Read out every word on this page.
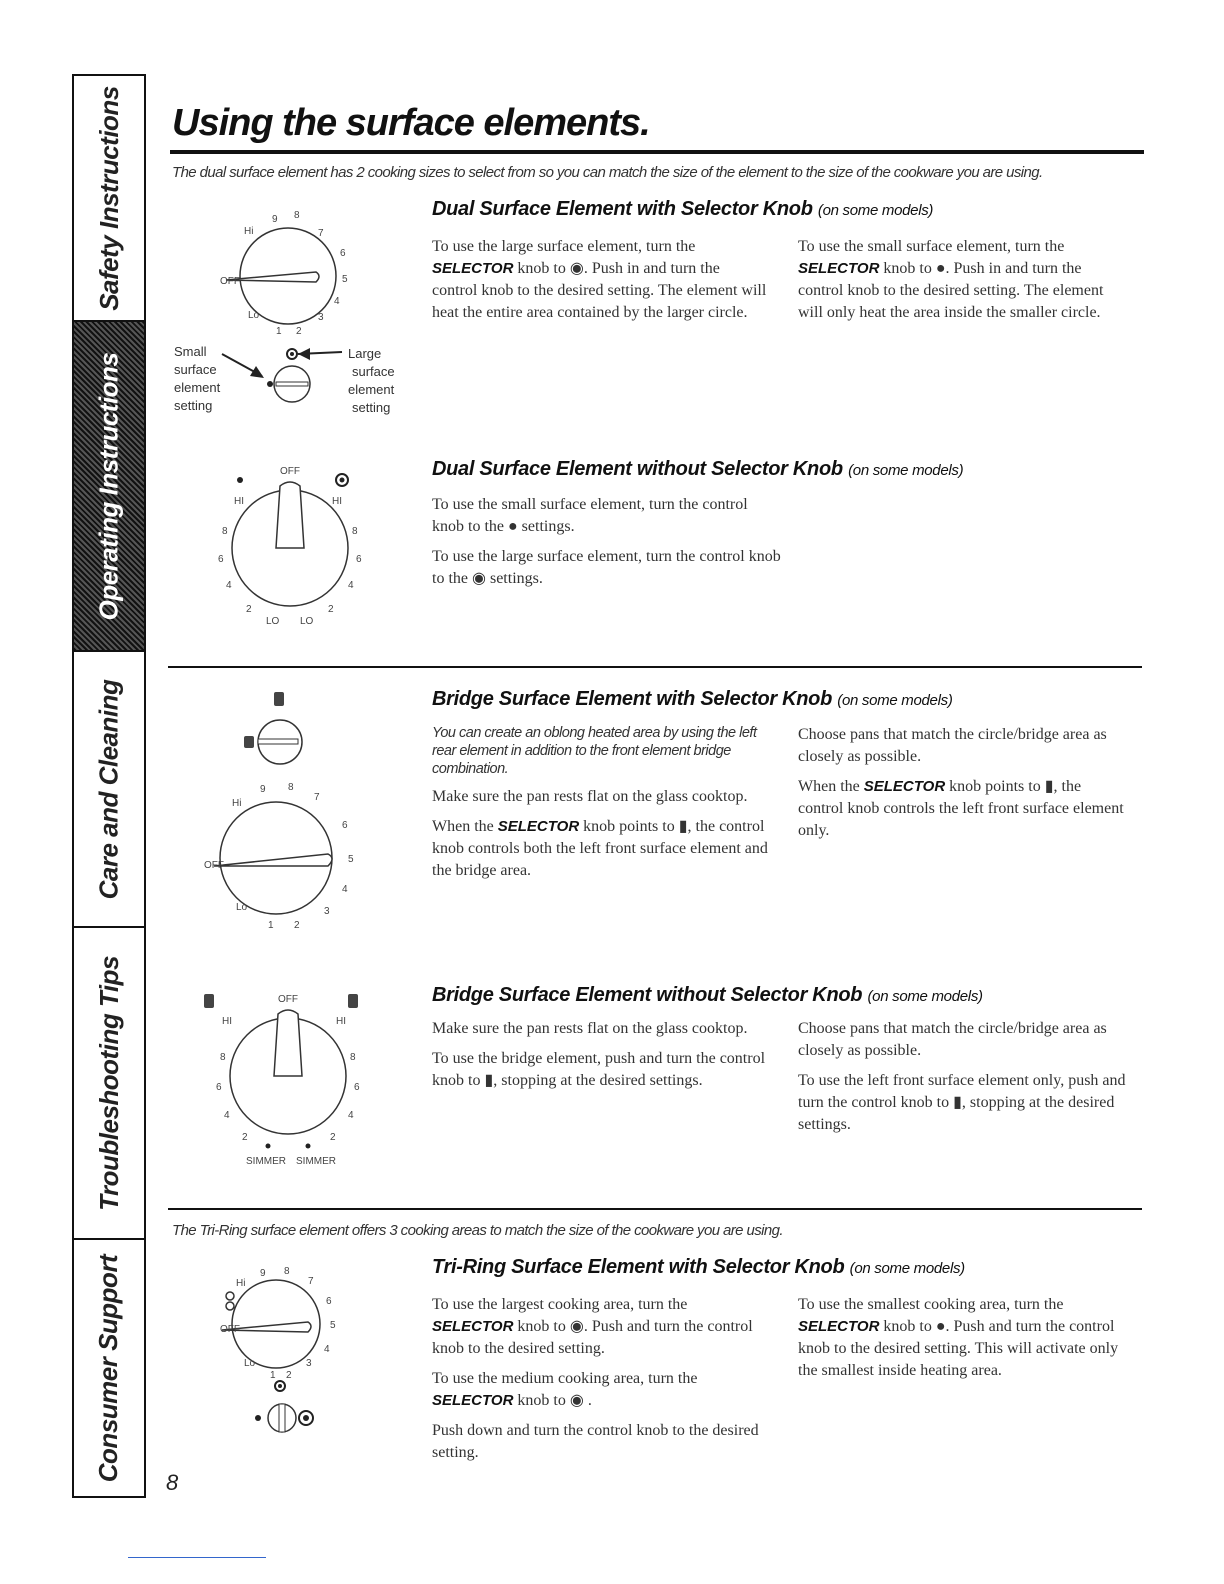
Safety Instructions
Operating Instructions
Care and Cleaning
Troubleshooting Tips
Consumer Support
Using the surface elements.
The dual surface element has 2 cooking sizes to select from so you can match the size of the element to the size of the cookware you are using.
OFF
9 8
Hi	7
6
5
4
3
2
1
Lo
Small
surface
element
setting
Large
surface
element
setting
Dual Surface Element with Selector Knob (on some models)

To use the large surface element, turn the SELECTOR knob to ◉. Push in and turn the control knob to the desired setting. The element will heat the entire area contained by the larger circle.

To use the small surface element, turn the SELECTOR knob to ●. Push in and turn the control knob to the desired setting. The element will only heat the area inside the smaller circle.

OFF
HI	HI
8	8
6	6
4	4
2	2
LO LO
Dual Surface Element without Selector Knob (on some models)

To use the small surface element, turn the control knob to the ● settings.

To use the large surface element, turn the control knob to the ◉ settings.

OFF
9 8
Hi
7
6
5
4
3
2
1
Lo
Bridge Surface Element with Selector Knob (on some models)

You can create an oblong heated area by using the left rear element in addition to the front element bridge combination.

Make sure the pan rests flat on the glass cooktop.

When the SELECTOR knob points to ▮, the control knob controls both the left front surface element and the bridge area.

Choose pans that match the circle/bridge area as closely as possible.

When the SELECTOR knob points to ▮, the control knob controls the left front surface element only.

OFF
HI	HI
8	8
6	6
4	4
2	2
SIMMER SIMMER
Bridge Surface Element without Selector Knob (on some models)

Make sure the pan rests flat on the glass cooktop.

To use the bridge element, push and turn the control knob to ▮, stopping at the desired settings.

Choose pans that match the circle/bridge area as closely as possible.

To use the left front surface element only, push and turn the control knob to ▮, stopping at the desired settings.

The Tri-Ring surface element offers 3 cooking areas to match the size of the cookware you are using.
OFF
9 8
Hi	7
6
5
4
3
2
1
Lo
Tri-Ring Surface Element with Selector Knob (on some models)

To use the largest cooking area, turn the SELECTOR knob to ◉. Push and turn the control knob to the desired setting.

To use the medium cooking area, turn the SELECTOR knob to ◉ .

Push down and turn the control knob to the desired setting.

To use the smallest cooking area, turn the SELECTOR knob to ●. Push and turn the control knob to the desired setting. This will activate only the smallest inside heating area.

8
